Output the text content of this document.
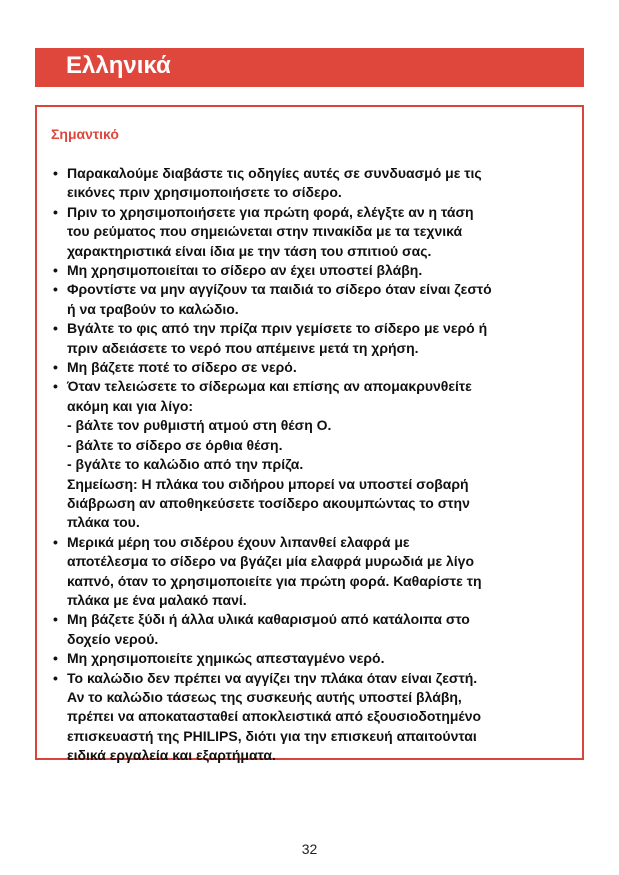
Ελληνικά
Σημαντικό
• Παρακαλούμε διαβάστε τις οδηγίες αυτές σε συνδυασμό με τις
εικόνες πριν χρησιμοποιήσετε το σίδερο.
• Πριν το χρησιμοποιήσετε για πρώτη φορά, ελέγξτε αν η τάση
του ρεύματος που σημειώνεται στην πινακίδα με τα τεχνικά
χαρακτηριστικά είναι ίδια με την τάση του σπιτιού σας.
• Μη χρησιμοποιείται το σίδερο αν έχει υποστεί βλάβη.
• Φροντίστε να μην αγγίζουν τα παιδιά το σίδερο όταν είναι ζεστό
ή να τραβούν το καλώδιο.
• Βγάλτε το φις από την πρίζα πριν γεμίσετε το σίδερο με νερό ή
πριν αδειάσετε το νερό που απέμεινε μετά τη χρήση.
• Μη βάζετε ποτέ το σίδερο σε νερό.
• Όταν τελειώσετε το σίδερωμα και επίσης αν απομακρυνθείτε
ακόμη και για λίγο:
- βάλτε τον ρυθμιστή ατμού στη θέση O.
- βάλτε το σίδερο σε όρθια θέση.
- βγάλτε το καλώδιο από την πρίζα.
Σημείωση: Η πλάκα του σιδήρου μπορεί να υποστεί σοβαρή
διάβρωση αν αποθηκεύσετε τοσίδερο ακουμπώντας το στην
πλάκα του.
• Μερικά μέρη του σιδέρου έχουν λιπανθεί ελαφρά με
αποτέλεσμα το σίδερο να βγάζει μία ελαφρά μυρωδιά με λίγο
καπνό, όταν το χρησιμοποιείτε για πρώτη φορά. Καθαρίστε τη
πλάκα με ένα μαλακό πανί.
• Μη βάζετε ξύδι ή άλλα υλικά καθαρισμού από κατάλοιπα στο
δοχείο νερού.
• Μη χρησιμοποιείτε χημικώς απεσταγμένο νερό.
• Το καλώδιο δεν πρέπει να αγγίζει την πλάκα όταν είναι ζεστή.
Αν το καλώδιο τάσεως της συσκευής αυτής υποστεί βλάβη,
πρέπει να αποκατασταθεί αποκλειστικά από εξουσιοδοτημένο
επισκευαστή της PHILIPS, διότι για την επισκευή απαιτούνται
ειδικά εργαλεία και εξαρτήματα.
32
